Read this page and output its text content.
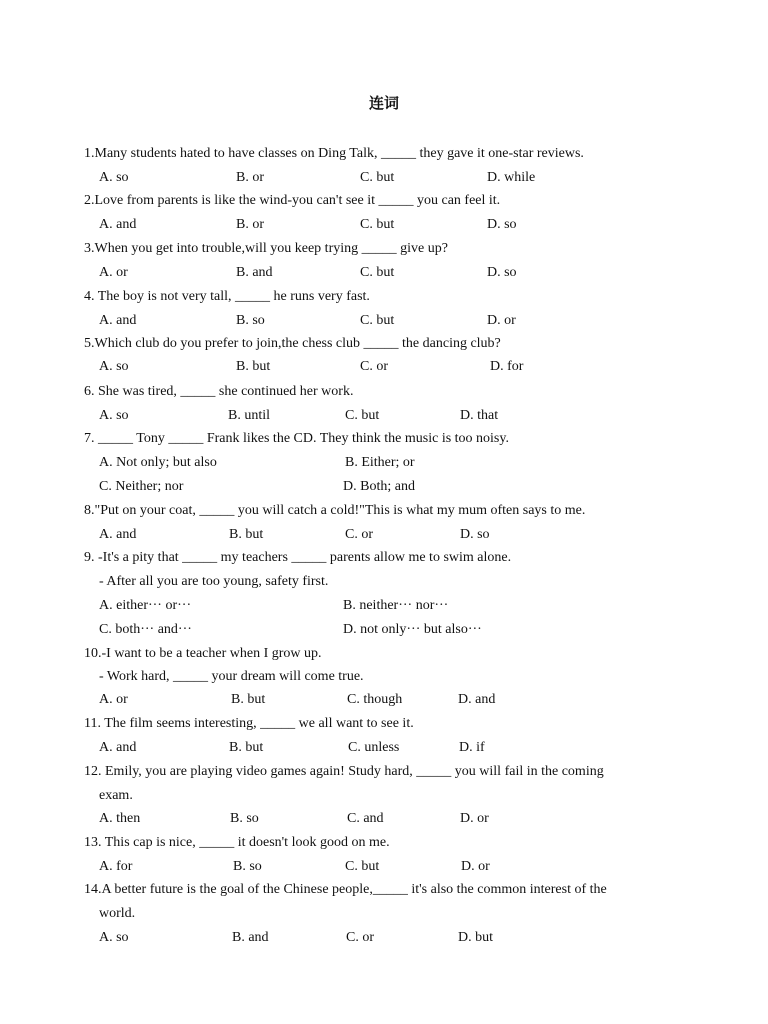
连词
1.Many students hated to have classes on Ding Talk, _____ they gave it one-star reviews.
A. so	B. or	C. but	D. while
2.Love from parents is like the wind-you can't see it _____ you can feel it.
A. and	B. or	C. but	D. so
3.When you get into trouble,will you keep trying _____ give up?
A. or	B. and	C. but	D. so
4. The boy is not very tall, _____ he runs very fast.
A. and	B. so	C. but	D. or
5.Which club do you prefer to join,the chess club _____ the dancing club?
A. so	B. but	C. or	D. for
6. She was tired, _____ she continued her work.
A. so	B. until	C. but	D. that
7. _____ Tony _____ Frank likes the CD. They think the music is too noisy.
A. Not only; but also	B. Either; or
C. Neither; nor	D. Both; and
8."Put on your coat, _____ you will catch a cold!"This is what my mum often says to me.
A. and	B. but	C. or	D. so
9. -It's a pity that _____ my teachers _____ parents allow me to swim alone.
- After all you are too young, safety first.
A. either··· or···	B. neither··· nor···
C. both··· and···	D. not only··· but also···
10.-I want to be a teacher when I grow up.
- Work hard, _____ your dream will come true.
A. or	B. but	C. though	D. and
11. The film seems interesting, _____ we all want to see it.
A. and	B. but	C. unless	D. if
12. Emily, you are playing video games again! Study hard, _____ you will fail in the coming
exam.
A. then	B. so	C. and	D. or
13. This cap is nice, _____ it doesn't look good on me.
A. for	B. so	C. but	D. or
14.A better future is the goal of the Chinese people,_____ it's also the common interest of the
world.
A. so	B. and	C. or	D. but
